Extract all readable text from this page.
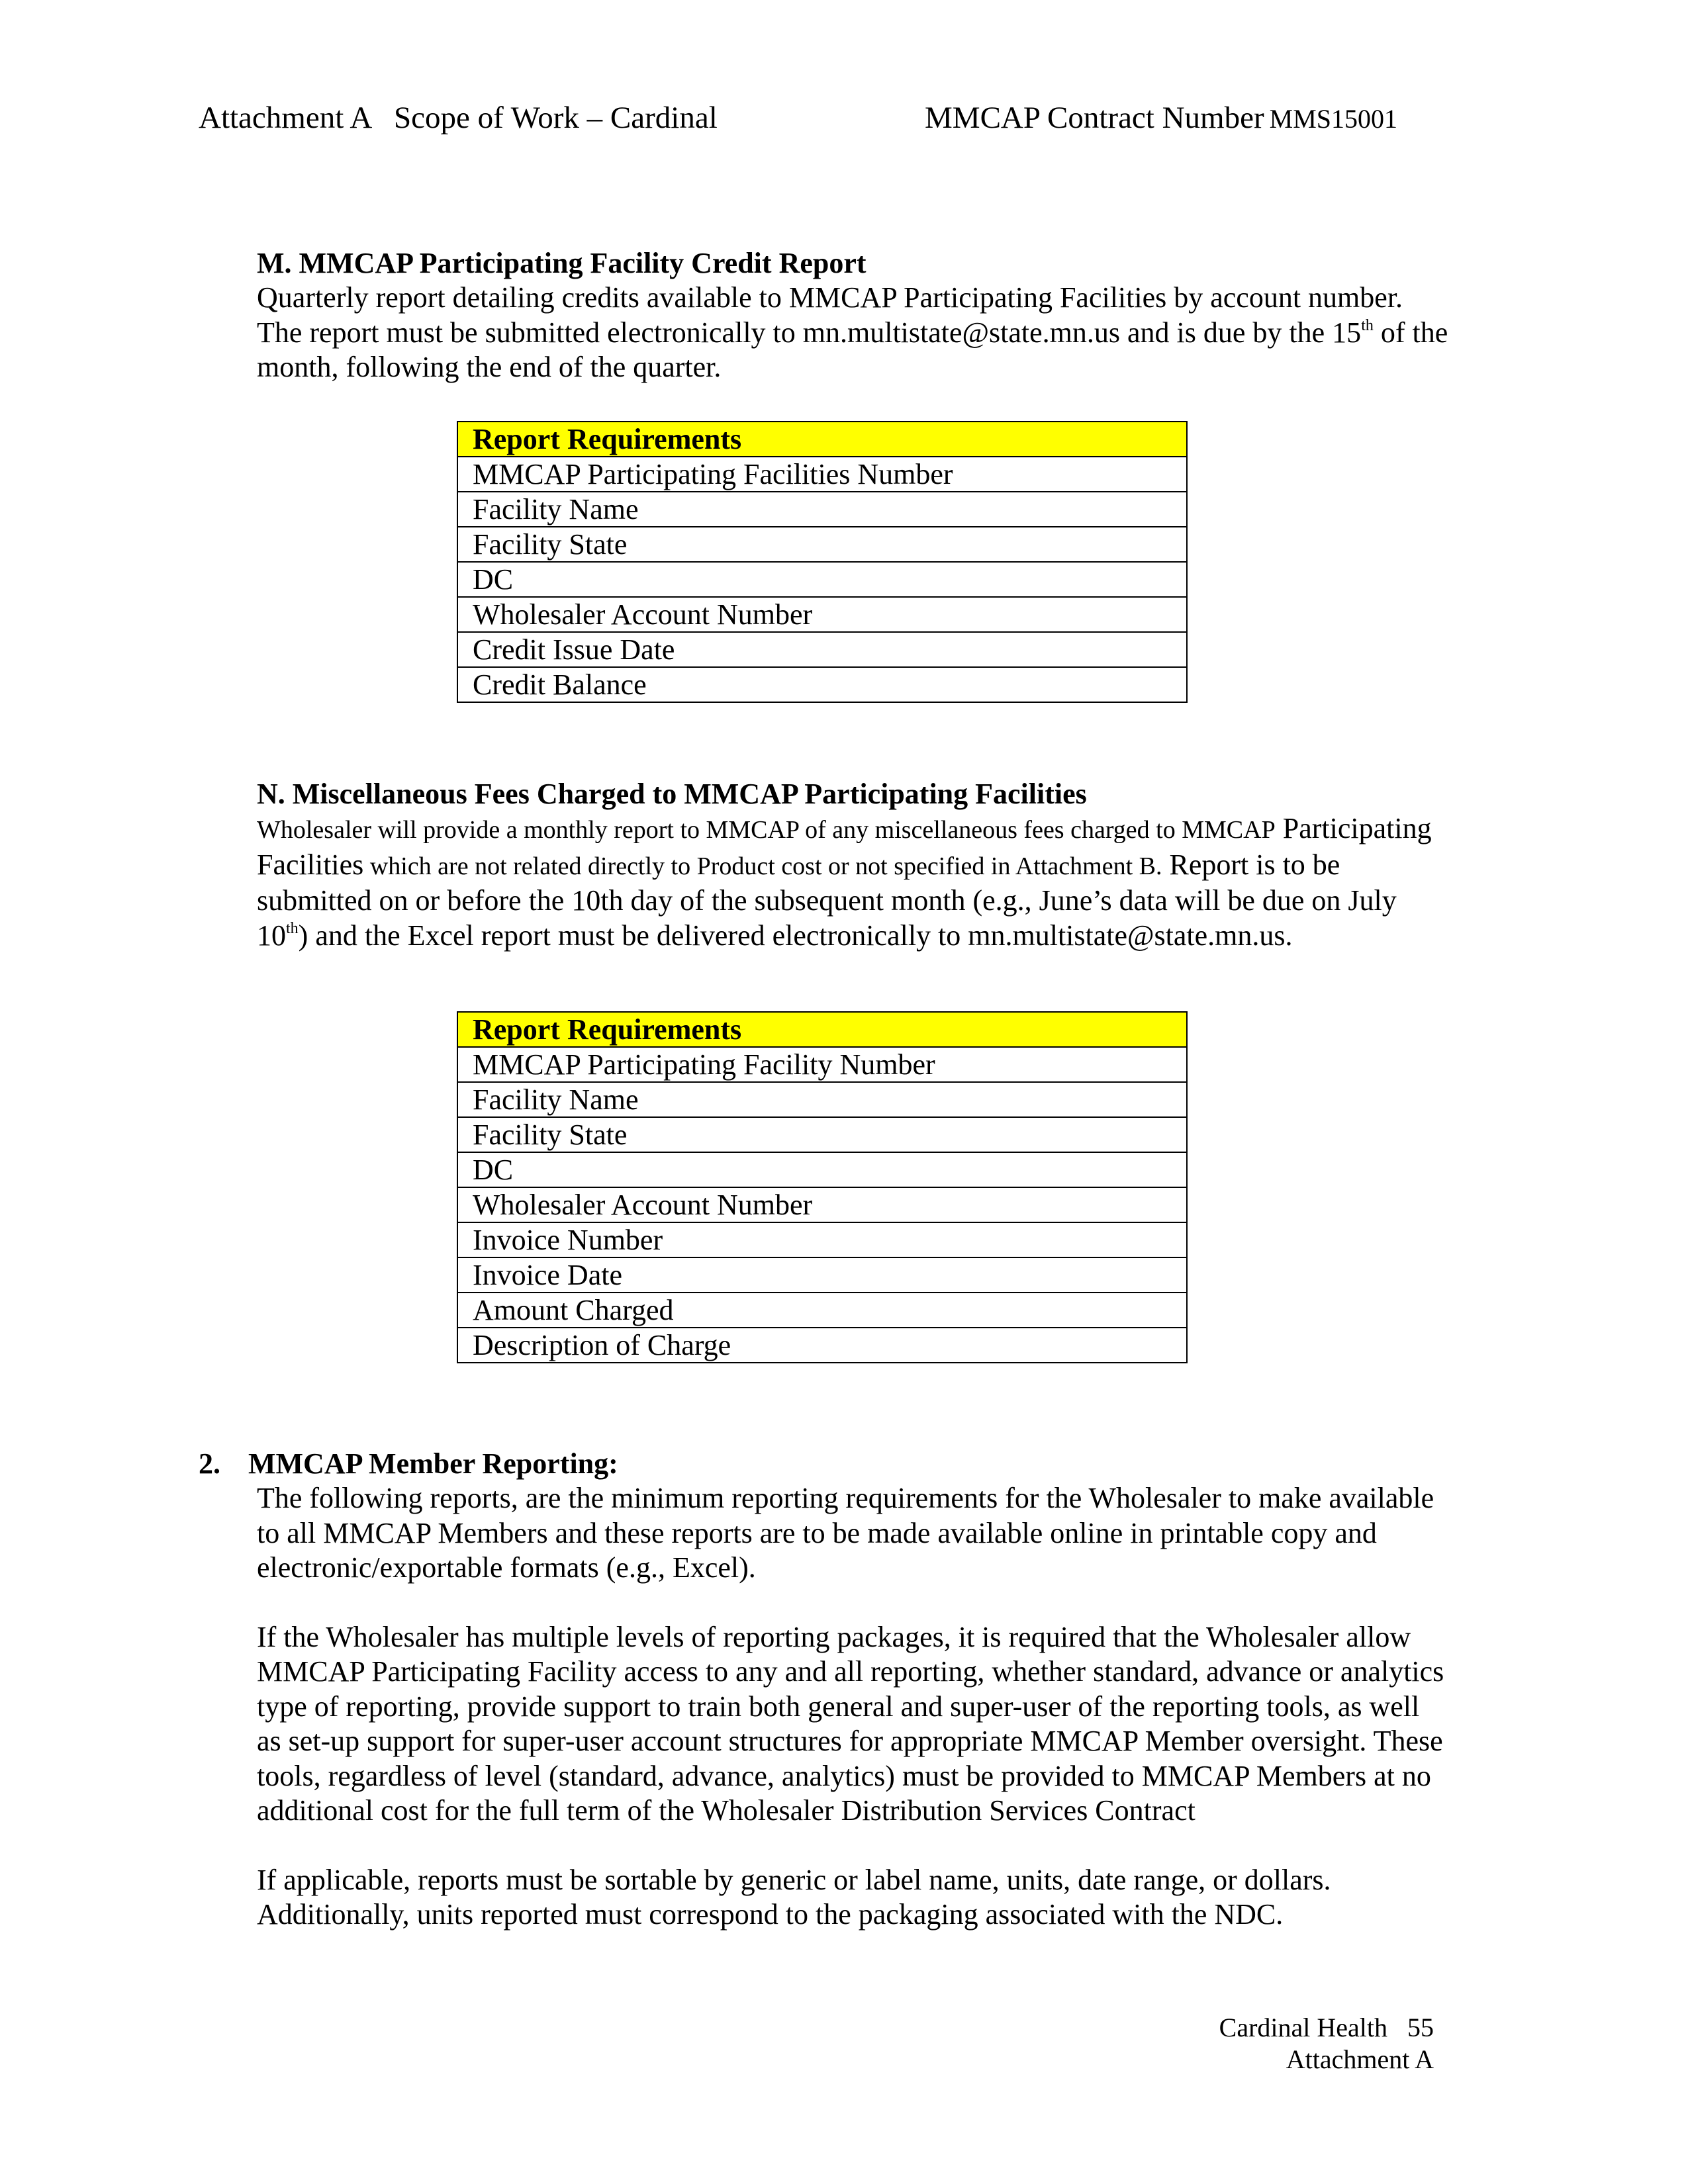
Attachment A   Scope of Work – Cardinal	MMCAP Contract Number MMS15001

M. MMCAP Participating Facility Credit Report

Quarterly report detailing credits available to MMCAP Participating Facilities by account number. The report must be submitted electronically to mn.multistate@state.mn.us and is due by the 15th of the month, following the end of the quarter.

Report Requirements
MMCAP Participating Facilities Number
Facility Name
Facility State
DC
Wholesaler Account Number
Credit Issue Date
Credit Balance

N. Miscellaneous Fees Charged to MMCAP Participating Facilities

Wholesaler will provide a monthly report to MMCAP of any miscellaneous fees charged to MMCAP Participating Facilities which are not related directly to Product cost or not specified in Attachment B. Report is to be submitted on or before the 10th day of the subsequent month (e.g., June’s data will be due on July 10th) and the Excel report must be delivered electronically to mn.multistate@state.mn.us.

Report Requirements
MMCAP Participating Facility Number
Facility Name
Facility State
DC
Wholesaler Account Number
Invoice Number
Invoice Date
Amount Charged
Description of Charge

2. MMCAP Member Reporting:

The following reports, are the minimum reporting requirements for the Wholesaler to make available to all MMCAP Members and these reports are to be made available online in printable copy and electronic/exportable formats (e.g., Excel).

If the Wholesaler has multiple levels of reporting packages, it is required that the Wholesaler allow MMCAP Participating Facility access to any and all reporting, whether standard, advance or analytics type of reporting, provide support to train both general and super-user of the reporting tools, as well as set-up support for super-user account structures for appropriate MMCAP Member oversight. These tools, regardless of level (standard, advance, analytics) must be provided to MMCAP Members at no additional cost for the full term of the Wholesaler Distribution Services Contract

If applicable, reports must be sortable by generic or label name, units, date range, or dollars. Additionally, units reported must correspond to the packaging associated with the NDC.

Cardinal Health   55
Attachment A
